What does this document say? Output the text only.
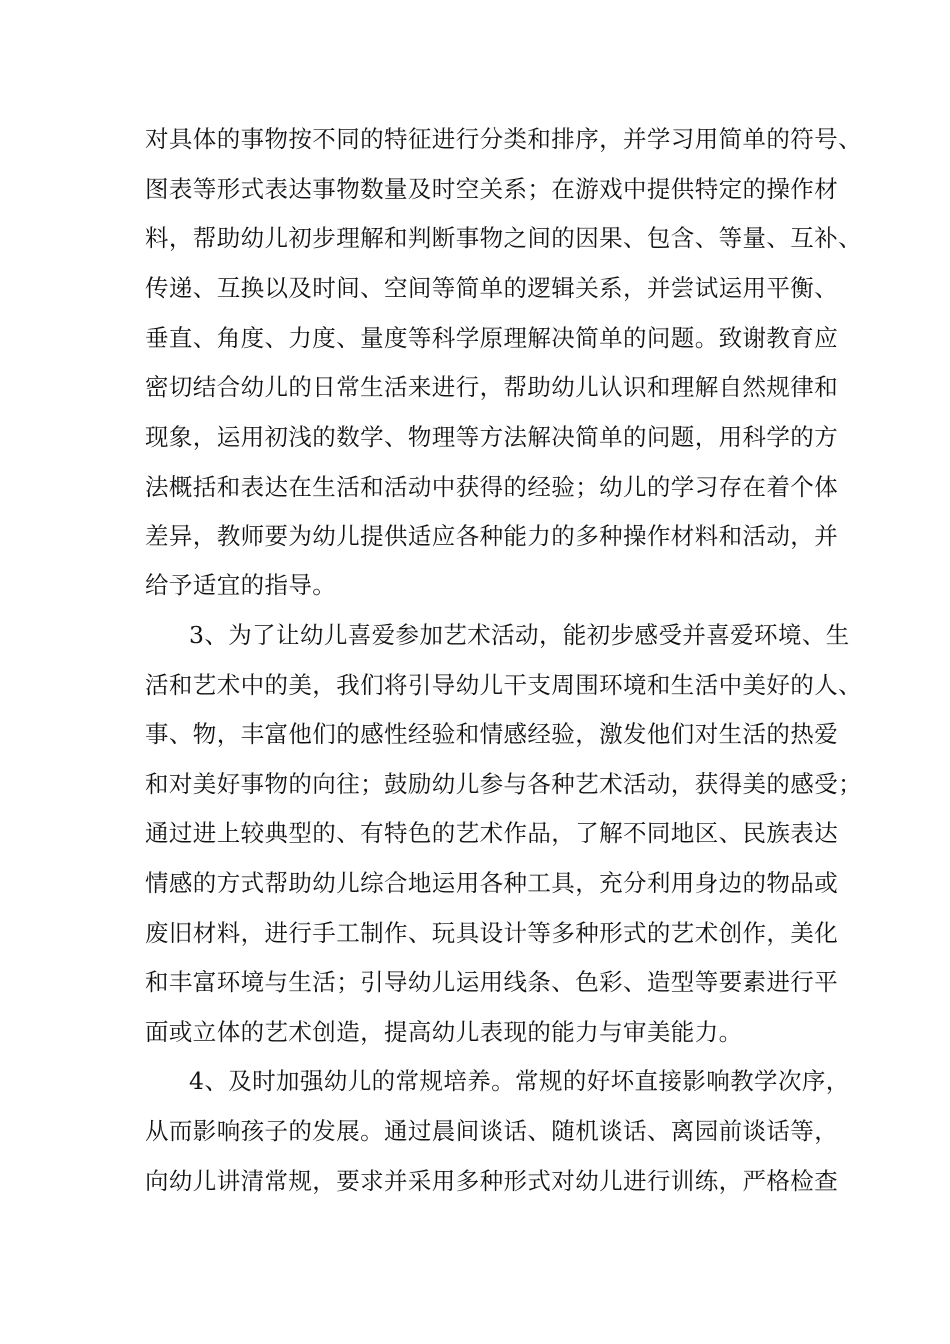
对具体的事物按不同的特征进行分类和排序，并学习用简单的符号、
图表等形式表达事物数量及时空关系；在游戏中提供特定的操作材
料，帮助幼儿初步理解和判断事物之间的因果、包含、等量、互补、
传递、互换以及时间、空间等简单的逻辑关系，并尝试运用平衡、
垂直、角度、力度、量度等科学原理解决简单的问题。致谢教育应
密切结合幼儿的日常生活来进行，帮助幼儿认识和理解自然规律和
现象，运用初浅的数学、物理等方法解决简单的问题，用科学的方
法概括和表达在生活和活动中获得的经验；幼儿的学习存在着个体
差异，教师要为幼儿提供适应各种能力的多种操作材料和活动，并
给予适宜的指导。
3、为了让幼儿喜爱参加艺术活动，能初步感受并喜爱环境、生
活和艺术中的美，我们将引导幼儿干支周围环境和生活中美好的人、
事、物，丰富他们的感性经验和情感经验，激发他们对生活的热爱
和对美好事物的向往；鼓励幼儿参与各种艺术活动，获得美的感受；
通过进上较典型的、有特色的艺术作品，了解不同地区、民族表达
情感的方式帮助幼儿综合地运用各种工具，充分利用身边的物品或
废旧材料，进行手工制作、玩具设计等多种形式的艺术创作，美化
和丰富环境与生活；引导幼儿运用线条、色彩、造型等要素进行平
面或立体的艺术创造，提高幼儿表现的能力与审美能力。
4、及时加强幼儿的常规培养。常规的好坏直接影响教学次序，
从而影响孩子的发展。通过晨间谈话、随机谈话、离园前谈话等，
向幼儿讲清常规，要求并采用多种形式对幼儿进行训练，严格检查
